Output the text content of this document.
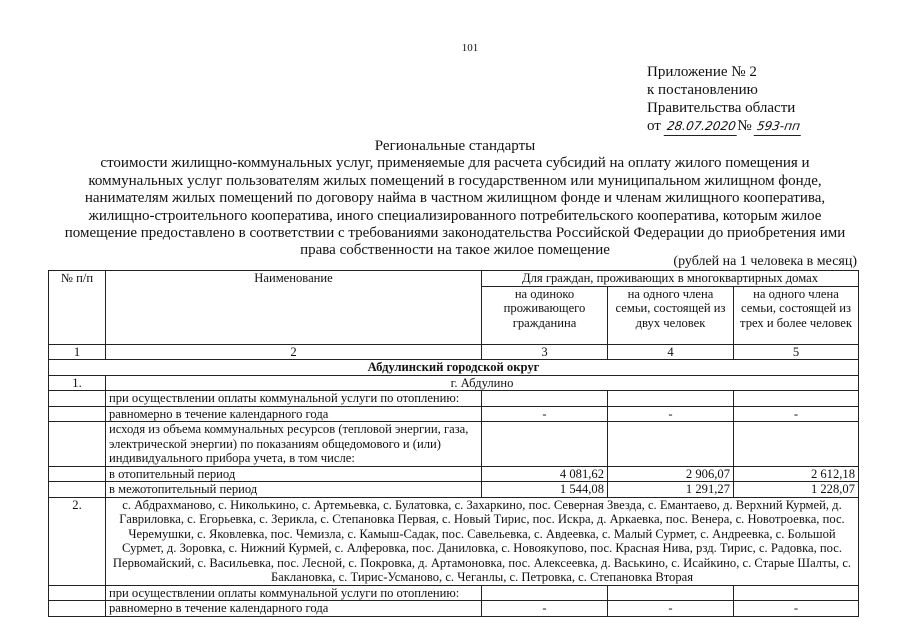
101
Приложение № 2
к постановлению
Правительства области
от 28.07.2020№ 593-пп
Региональные стандарты
стоимости жилищно-коммунальных услуг, применяемые для расчета субсидий на оплату жилого помещения и коммунальных услуг пользователям жилых помещений в государственном или муниципальном жилищном фонде, нанимателям жилых помещений по договору найма в частном жилищном фонде и членам жилищного кооператива, жилищно-строительного кооператива, иного специализированного потребительского кооператива, которым жилое помещение предоставлено в соответствии с требованиями законодательства Российской Федерации до приобретения ими права собственности на такое жилое помещение
(рублей на 1 человека в месяц)
№ п/п	Наименование	Для граждан, проживающих в многоквартирных домах		
		на одиноко проживающего гражданина	на одного члена семьи, состоящей из двух человек	на одного члена семьи, состоящей из трех и более человек
1	2	3	4	5
Абдулинский городской округ				
1.	г. Абдулино			
	при осуществлении оплаты коммунальной услуги по отоплению:			
	равномерно в течение календарного года	-	-	-
	исходя из объема коммунальных ресурсов (тепловой энергии, газа, электрической энергии) по показаниям общедомового и (или) индивидуального прибора учета, в том числе:			
	в отопительный период	4 081,62	2 906,07	2 612,18
	в межотопительный период	1 544,08	1 291,27	1 228,07
2.	с. Абдрахманово, с. Николькино, с. Артемьевка, с. Булатовка, с. Захаркино, пос. Северная Звезда, с. Емантаево, д. Верхний Курмей, д. Гавриловка, с. Егорьевка, с. Зерикла, с. Степановка Первая, с. Новый Тирис, пос. Искра, д. Аркаевка, пос. Венера, с. Новотроевка, пос. Черемушки, с. Яковлевка, пос. Чемизла, с. Камыш-Садак, пос. Савельевка, с. Авдеевка, с. Малый Сурмет, с. Андреевка, с. Большой Сурмет, д. Зоровка, с. Нижний Курмей, с. Алферовка, пос. Даниловка, с. Новоякупово, пос. Красная Нива, рзд. Тирис, с. Радовка, пос. Первомайский, с. Васильевка, пос. Лесной, с. Покровка, д. Артамоновка, пос. Алексеевка, д. Васькино, с. Исайкино, с. Старые Шалты, с. Баклановка, с. Тирис-Усманово, с. Чеганлы, с. Петровка, с. Степановка Вторая			
	при осуществлении оплаты коммунальной услуги по отоплению:			
	равномерно в течение календарного года	-	-	-
